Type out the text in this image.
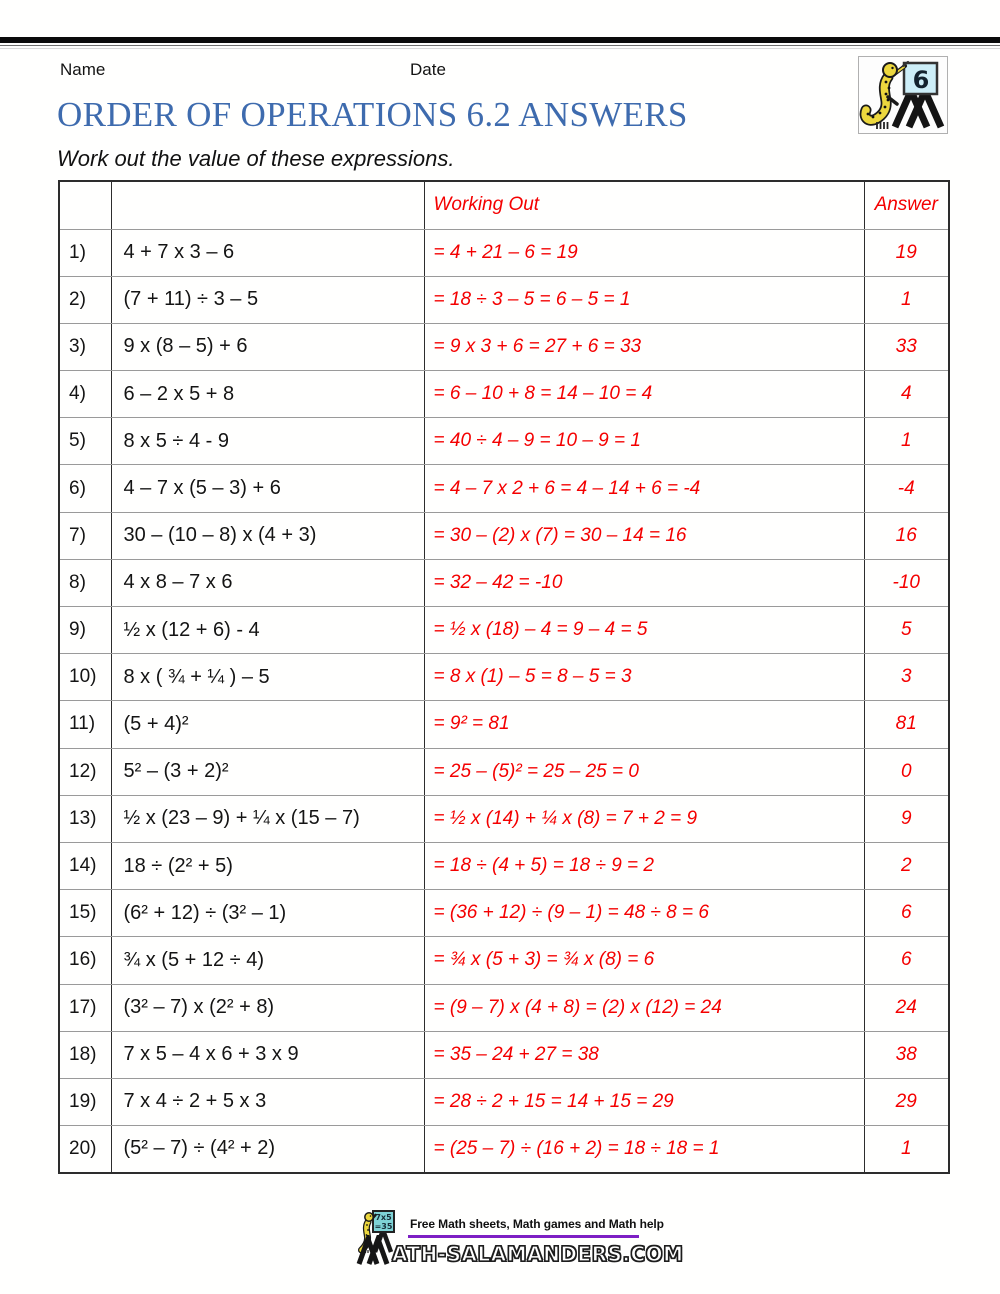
Name	Date	6
ORDER OF OPERATIONS 6.2 ANSWERS

Work out the value of these expressions.

		Working Out	Answer
1)	4 + 7 x 3 – 6	= 4 + 21 – 6 = 19	19
2)	(7 + 11) ÷ 3 – 5	= 18 ÷ 3 – 5 = 6 – 5 = 1	1
3)	9 x (8 – 5) + 6	= 9 x 3 + 6 = 27 + 6 = 33	33
4)	6 – 2 x 5 + 8	= 6 – 10 + 8 = 14 – 10 = 4	4
5)	8 x 5 ÷ 4 - 9	= 40 ÷ 4 – 9 = 10 – 9 = 1	1
6)	4 – 7 x (5 – 3) + 6	= 4 – 7 x 2 + 6 = 4 – 14 + 6 = -4	-4
7)	30 – (10 – 8) x (4 + 3)	= 30 – (2) x (7) = 30 – 14 = 16	16
8)	4 x 8 – 7 x 6	= 32 – 42 = -10	-10
9)	½ x (12 + 6) - 4	= ½ x (18) – 4 = 9 – 4 = 5	5
10)	8 x ( ¾ + ¼ ) – 5	= 8 x (1) – 5 = 8 – 5 = 3	3
11)	(5 + 4)²	= 9² = 81	81
12)	5² – (3 + 2)²	= 25 – (5)² = 25 – 25 = 0	0
13)	½ x (23 – 9) + ¼ x (15 – 7)	= ½ x (14) + ¼ x (8) = 7 + 2 = 9	9
14)	18 ÷ (2² + 5)	= 18 ÷ (4 + 5) = 18 ÷ 9 = 2	2
15)	(6² + 12) ÷ (3² – 1)	= (36 + 12) ÷ (9 – 1) = 48 ÷ 8 = 6	6
16)	¾ x (5 + 12 ÷ 4)	= ¾ x (5 + 3) = ¾ x (8) = 6	6
17)	(3² – 7) x (2² + 8)	= (9 – 7) x (4 + 8) = (2) x (12) = 24	24
18)	7 x 5 – 4 x 6 + 3 x 9	= 35 – 24 + 27 = 38	38
19)	7 x 4 ÷ 2 + 5 x 3	= 28 ÷ 2 + 15 = 14 + 15 = 29	29
20)	(5² – 7) ÷ (4² + 2)	= (25 – 7) ÷ (16 + 2) = 18 ÷ 18 = 1	1
7x5
=35 Free Math sheets, Math games and Math help
ATH-SALAMANDERS.COM
